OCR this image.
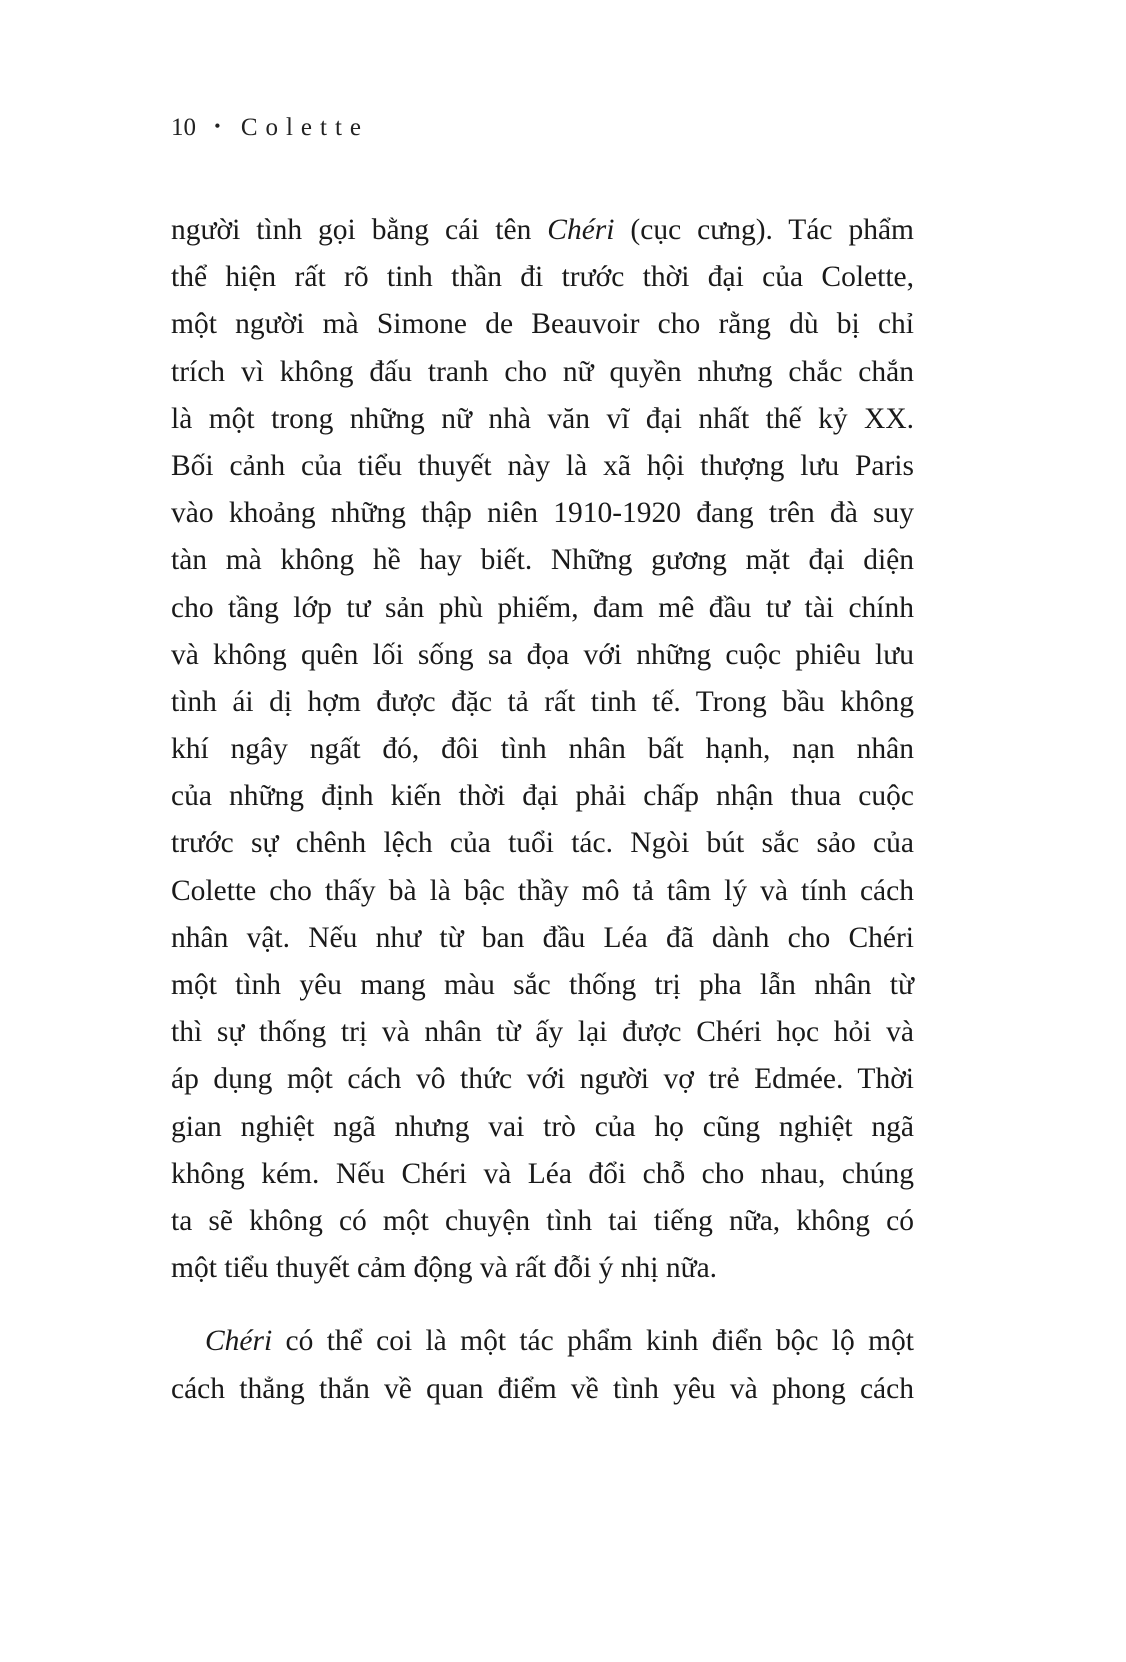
10 • Colette
người tình gọi bằng cái tên Chéri (cục cưng). Tác phẩm
thể hiện rất rõ tinh thần đi trước thời đại của Colette,
một người mà Simone de Beauvoir cho rằng dù bị chỉ
trích vì không đấu tranh cho nữ quyền nhưng chắc chắn
là một trong những nữ nhà văn vĩ đại nhất thế kỷ XX.
Bối cảnh của tiểu thuyết này là xã hội thượng lưu Paris
vào khoảng những thập niên 1910-1920 đang trên đà suy
tàn mà không hề hay biết. Những gương mặt đại diện
cho tầng lớp tư sản phù phiếm, đam mê đầu tư tài chính
và không quên lối sống sa đọa với những cuộc phiêu lưu
tình ái dị hợm được đặc tả rất tinh tế. Trong bầu không
khí ngây ngất đó, đôi tình nhân bất hạnh, nạn nhân
của những định kiến thời đại phải chấp nhận thua cuộc
trước sự chênh lệch của tuổi tác. Ngòi bút sắc sảo của
Colette cho thấy bà là bậc thầy mô tả tâm lý và tính cách
nhân vật. Nếu như từ ban đầu Léa đã dành cho Chéri
một tình yêu mang màu sắc thống trị pha lẫn nhân từ
thì sự thống trị và nhân từ ấy lại được Chéri học hỏi và
áp dụng một cách vô thức với người vợ trẻ Edmée. Thời
gian nghiệt ngã nhưng vai trò của họ cũng nghiệt ngã
không kém. Nếu Chéri và Léa đổi chỗ cho nhau, chúng
ta sẽ không có một chuyện tình tai tiếng nữa, không có
một tiểu thuyết cảm động và rất đỗi ý nhị nữa.
Chéri có thể coi là một tác phẩm kinh điển bộc lộ một
cách thẳng thắn về quan điểm về tình yêu và phong cách
